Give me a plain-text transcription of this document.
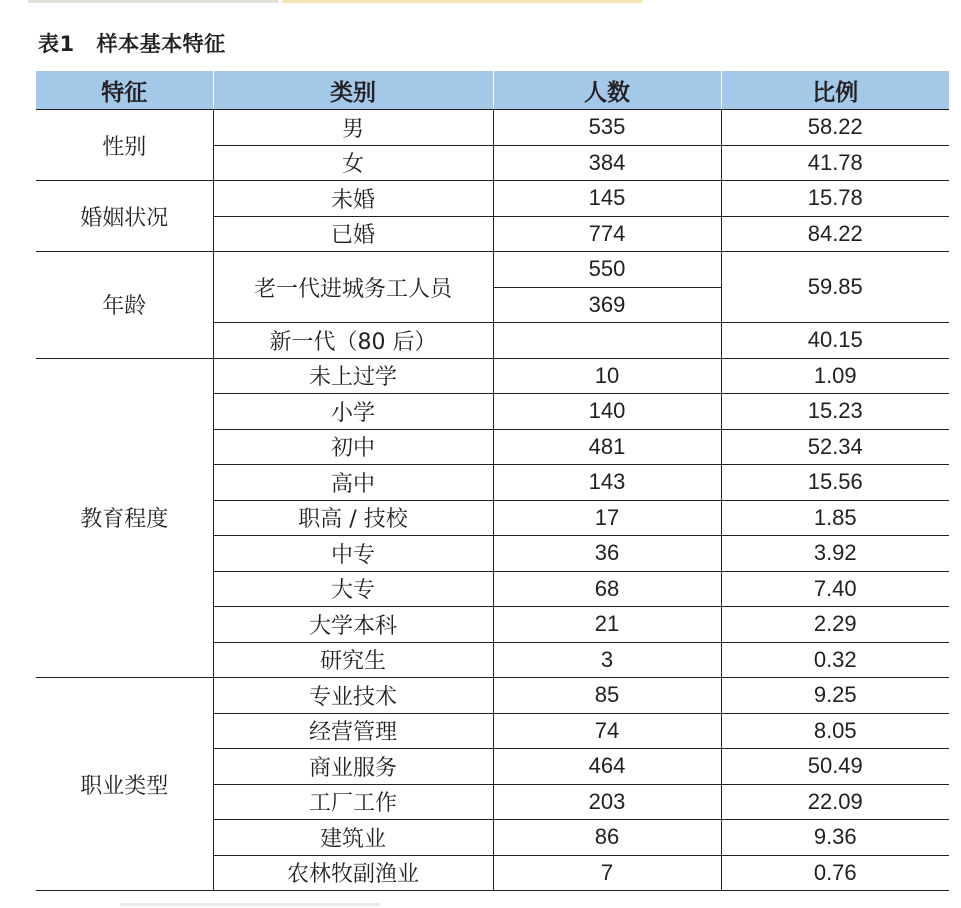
表1 样本基本特征
特征	类别	人数	比例
性别	男	535	58.22
	女	384	41.78
婚姻状况	未婚	145	15.78
	已婚	774	84.22
年龄	老一代进城务工人员	550	59.85
		369	
	新一代（80 后）		40.15
教育程度	未上过学	10	1.09
	小学	140	15.23
	初中	481	52.34
	高中	143	15.56
	职高 / 技校	17	1.85
	中专	36	3.92
	大专	68	7.40
	大学本科	21	2.29
	研究生	3	0.32
职业类型	专业技术	85	9.25
	经营管理	74	8.05
	商业服务	464	50.49
	工厂工作	203	22.09
	建筑业	86	9.36
	农林牧副渔业	7	0.76
